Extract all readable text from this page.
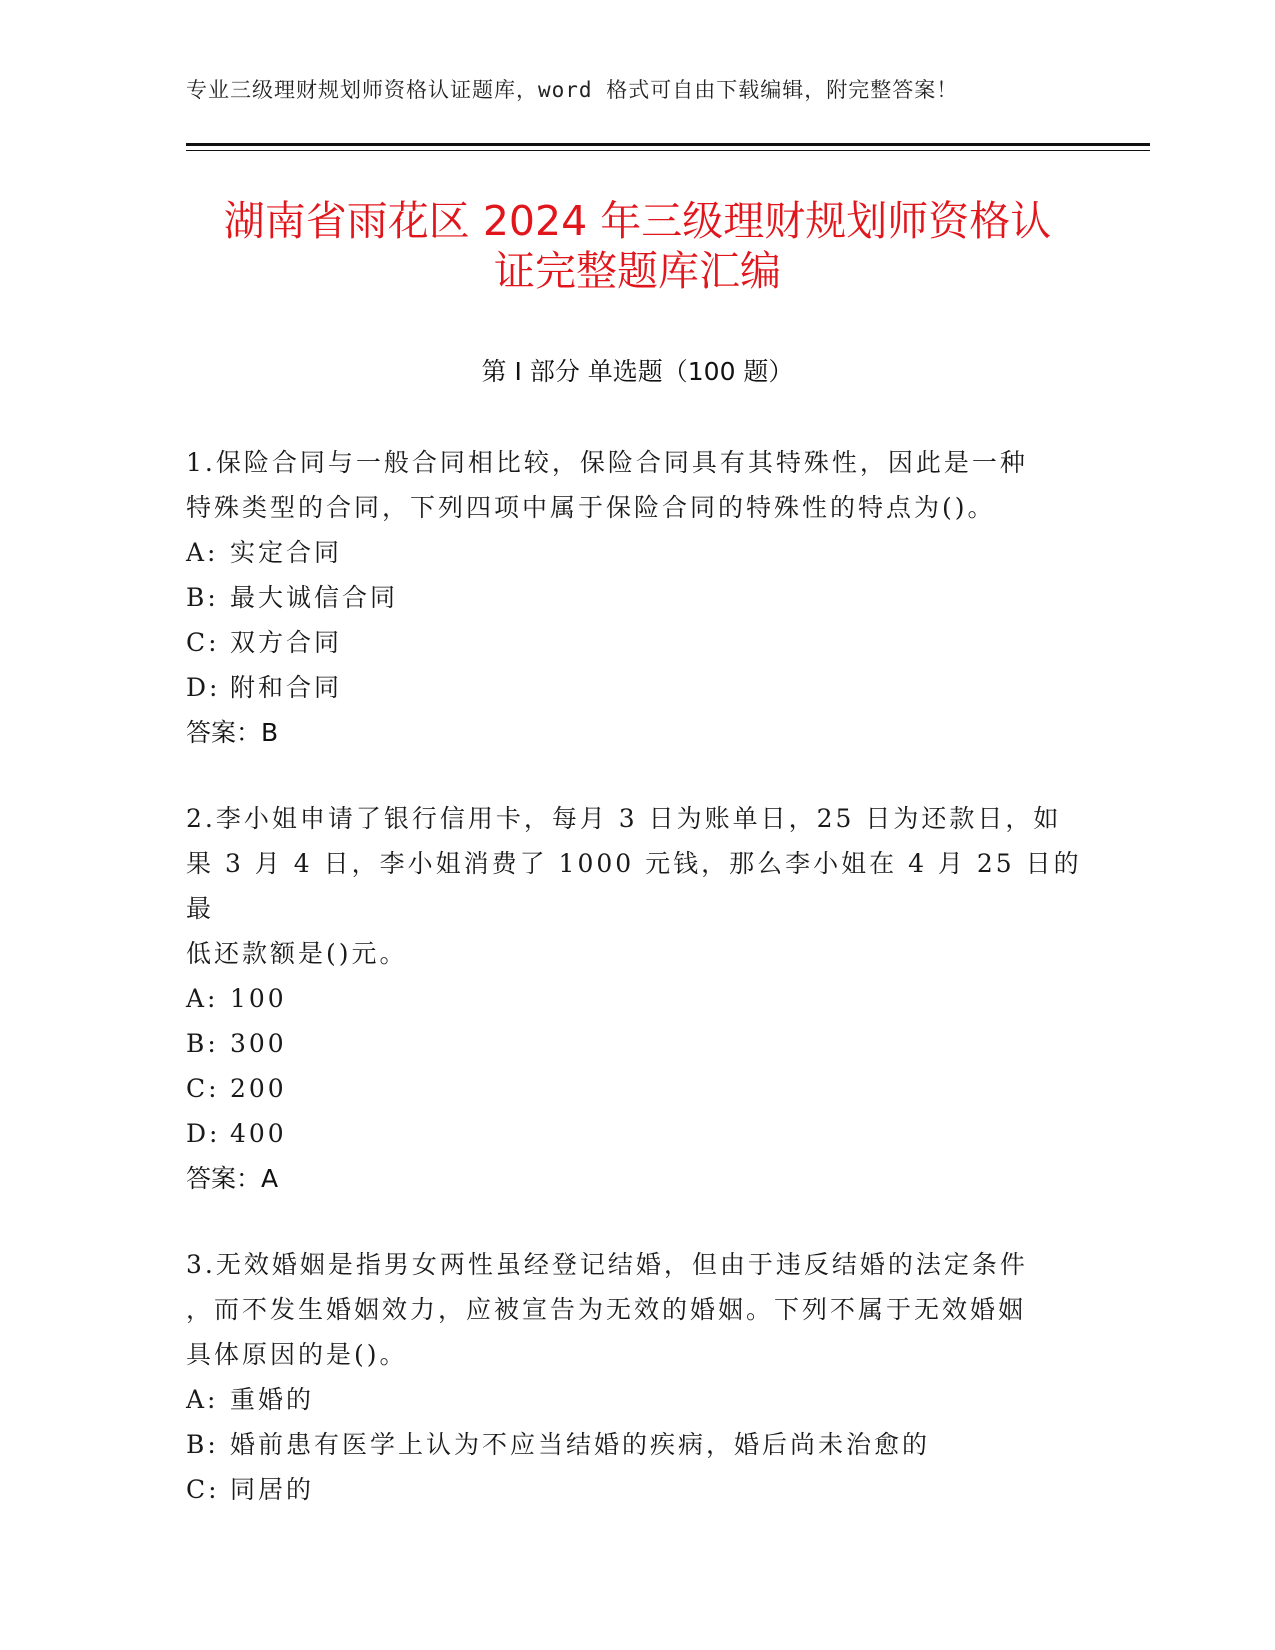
专业三级理财规划师资格认证题库，word 格式可自由下载编辑，附完整答案！
湖南省雨花区 2024 年三级理财规划师资格认
证完整题库汇编
第 I 部分 单选题（100 题）
1.保险合同与一般合同相比较，保险合同具有其特殊性，因此是一种
特殊类型的合同，下列四项中属于保险合同的特殊性的特点为()。
A: 实定合同
B: 最大诚信合同
C: 双方合同
D: 附和合同
答案：B
2.李小姐申请了银行信用卡，每月 3 日为账单日，25 日为还款日，如
果 3 月 4 日，李小姐消费了 1000 元钱，那么李小姐在 4 月 25 日的最
低还款额是()元。
A: 100
B: 300
C: 200
D: 400
答案：A
3.无效婚姻是指男女两性虽经登记结婚，但由于违反结婚的法定条件
，而不发生婚姻效力，应被宣告为无效的婚姻。下列不属于无效婚姻
具体原因的是()。
A: 重婚的
B: 婚前患有医学上认为不应当结婚的疾病，婚后尚未治愈的
C: 同居的
